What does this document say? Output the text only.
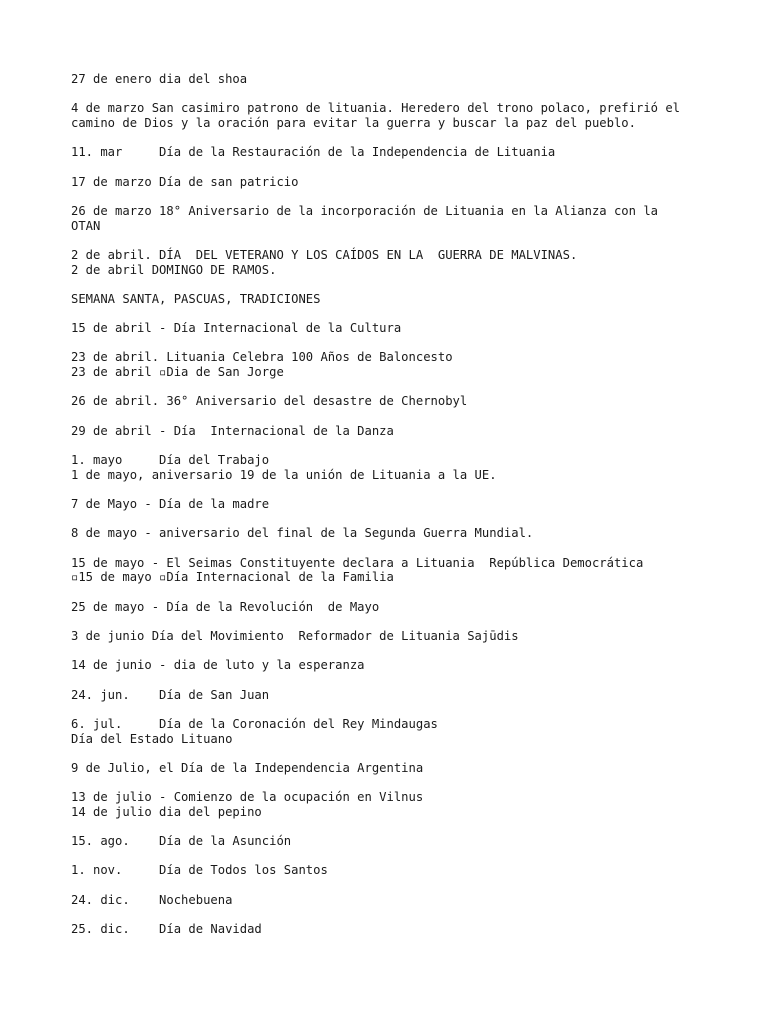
27 de enero dia del shoa
4 de marzo San casimiro patrono de lituania. Heredero del trono polaco, prefirió el
camino de Dios y la oración para evitar la guerra y buscar la paz del pueblo.
11. mar     Día de la Restauración de la Independencia de Lituania
17 de marzo Día de san patricio
26 de marzo 18° Aniversario de la incorporación de Lituania en la Alianza con la
OTAN
2 de abril. DÍA  DEL VETERANO Y LOS CAÍDOS EN LA  GUERRA DE MALVINAS.
2 de abril DOMINGO DE RAMOS.
SEMANA SANTA, PASCUAS, TRADICIONES
15 de abril - Día Internacional de la Cultura
23 de abril. Lituania Celebra 100 Años de Baloncesto
23 de abril ▫Dia de San Jorge
26 de abril. 36° Aniversario del desastre de Chernobyl
29 de abril - Día  Internacional de la Danza
1. mayo     Día del Trabajo
1 de mayo, aniversario 19 de la unión de Lituania a la UE.
7 de Mayo - Día de la madre
8 de mayo - aniversario del final de la Segunda Guerra Mundial.
15 de mayo - El Seimas Constituyente declara a Lituania  República Democrática
▫15 de mayo ▫Día Internacional de la Familia
25 de mayo - Día de la Revolución  de Mayo
3 de junio Día del Movimiento  Reformador de Lituania Sajūdis
14 de junio - dia de luto y la esperanza
24. jun.    Día de San Juan
6. jul.     Día de la Coronación del Rey Mindaugas
Día del Estado Lituano
9 de Julio, el Día de la Independencia Argentina
13 de julio - Comienzo de la ocupación en Vilnus
14 de julio dia del pepino
15. ago.    Día de la Asunción
1. nov.     Día de Todos los Santos
24. dic.    Nochebuena
25. dic.    Día de Navidad
